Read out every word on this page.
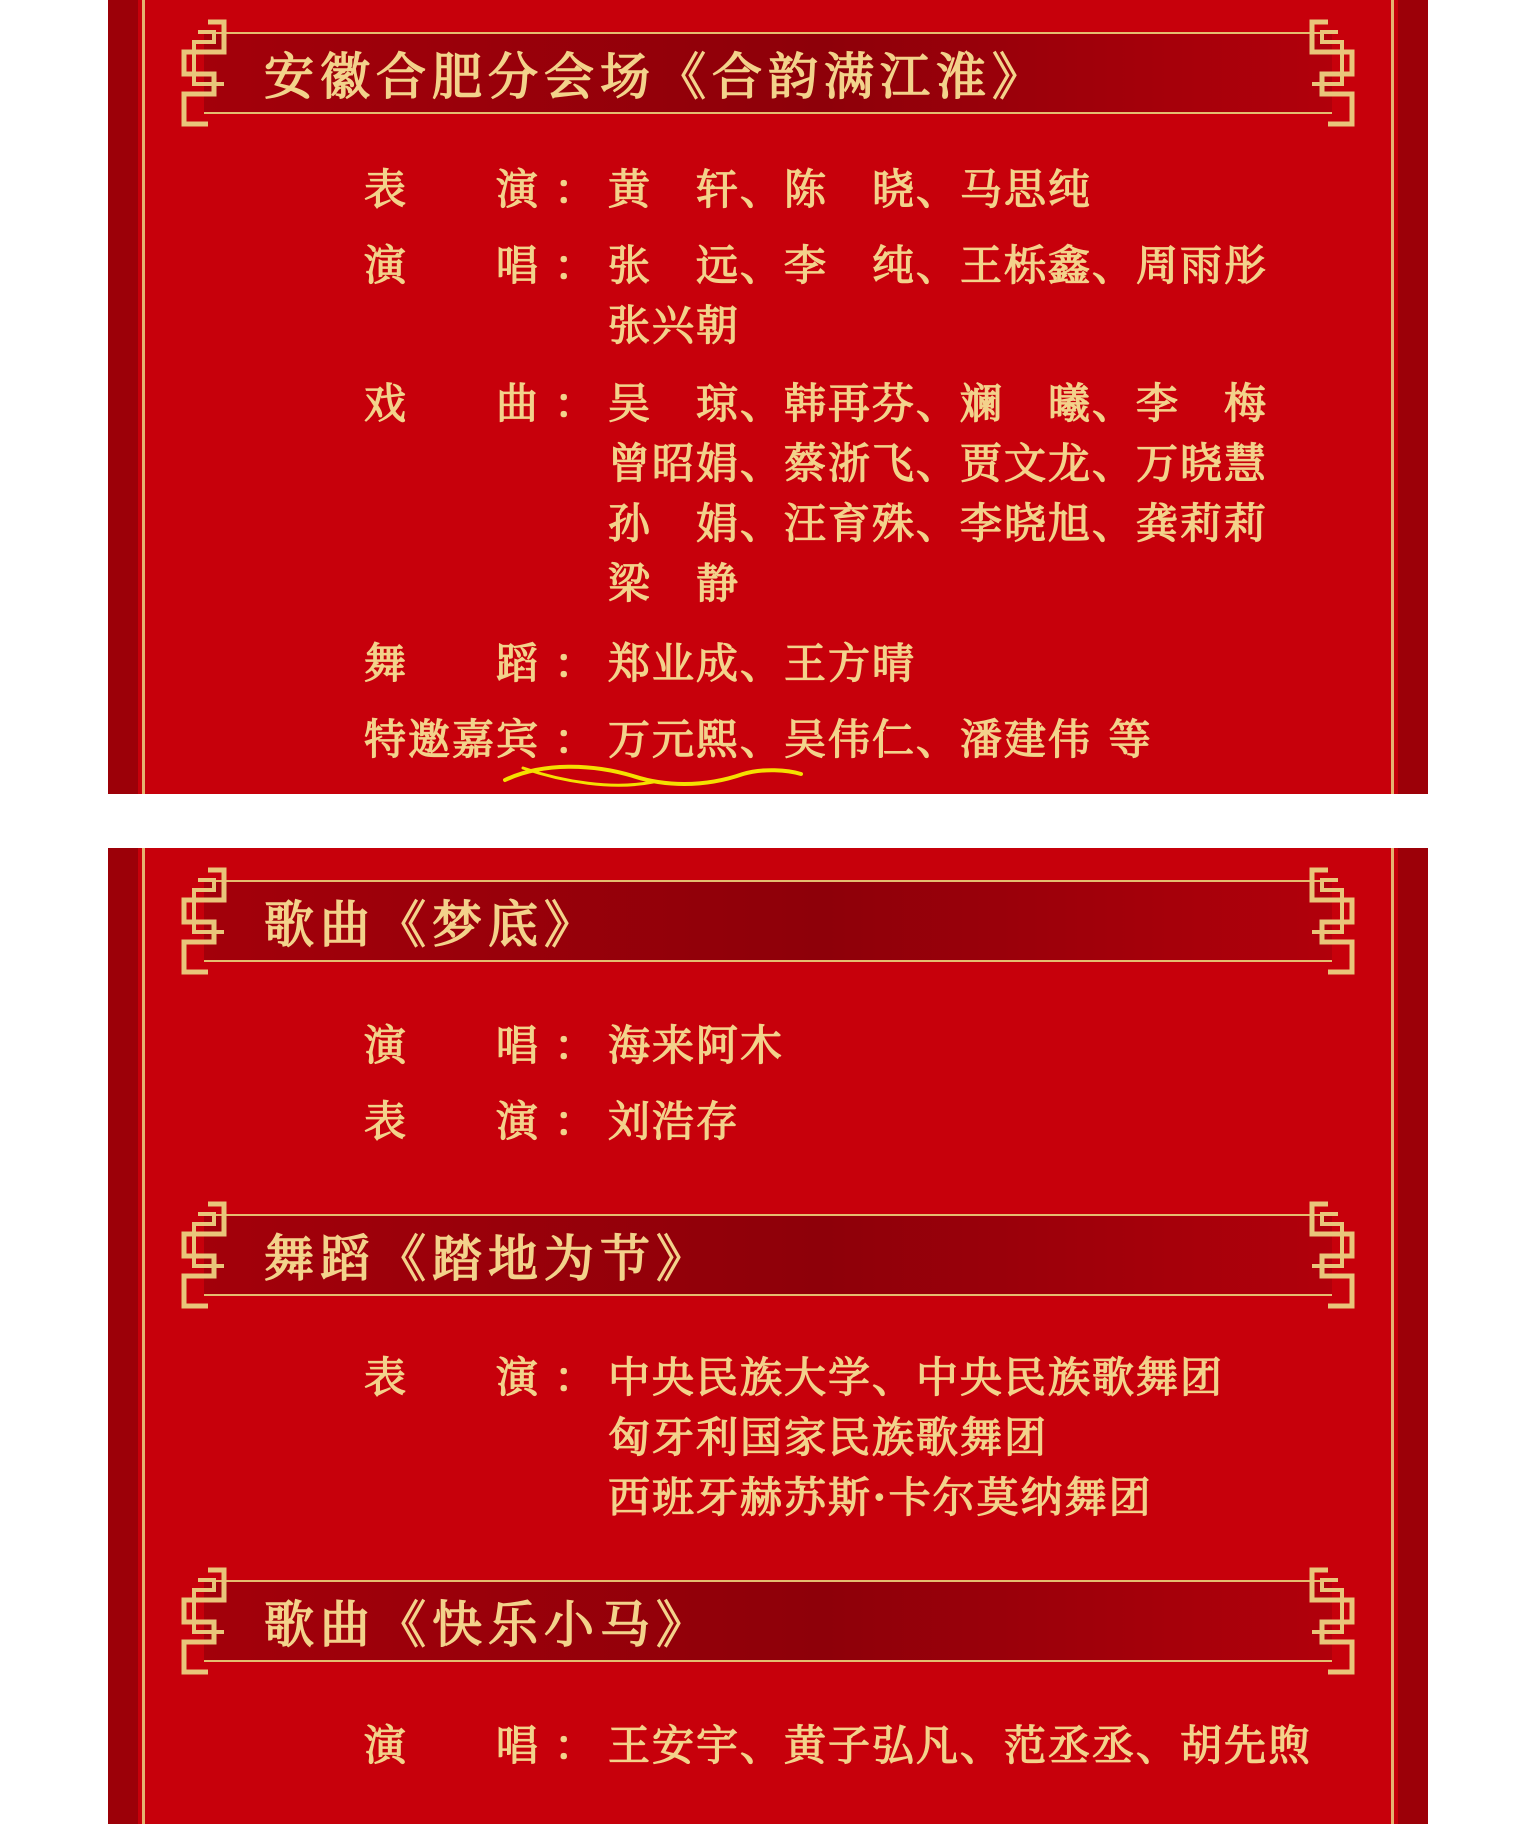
安徽合肥分会场《合韵满江淮》
表　　演 ： 黄　轩、陈　晓、马思纯
演　　唱 ： 张　远、李　纯、王栎鑫、周雨彤
张兴朝
戏　　曲 ： 吴　琼、韩再芬、斓　曦、李　梅
曾昭娟、蔡浙飞、贾文龙、万晓慧
孙　娟、汪育殊、李晓旭、龚莉莉
梁　静
舞　　蹈 ： 郑业成、王方晴
特邀嘉宾 ： 万元熙、吴伟仁、潘建伟 等
歌曲《梦底》
演　　唱 ： 海来阿木
表　　演 ： 刘浩存
舞蹈《踏地为节》
表　　演 ： 中央民族大学、中央民族歌舞团
匈牙利国家民族歌舞团
西班牙赫苏斯·卡尔莫纳舞团
歌曲《快乐小马》
演　　唱 ： 王安宇、黄子弘凡、范丞丞、胡先煦
